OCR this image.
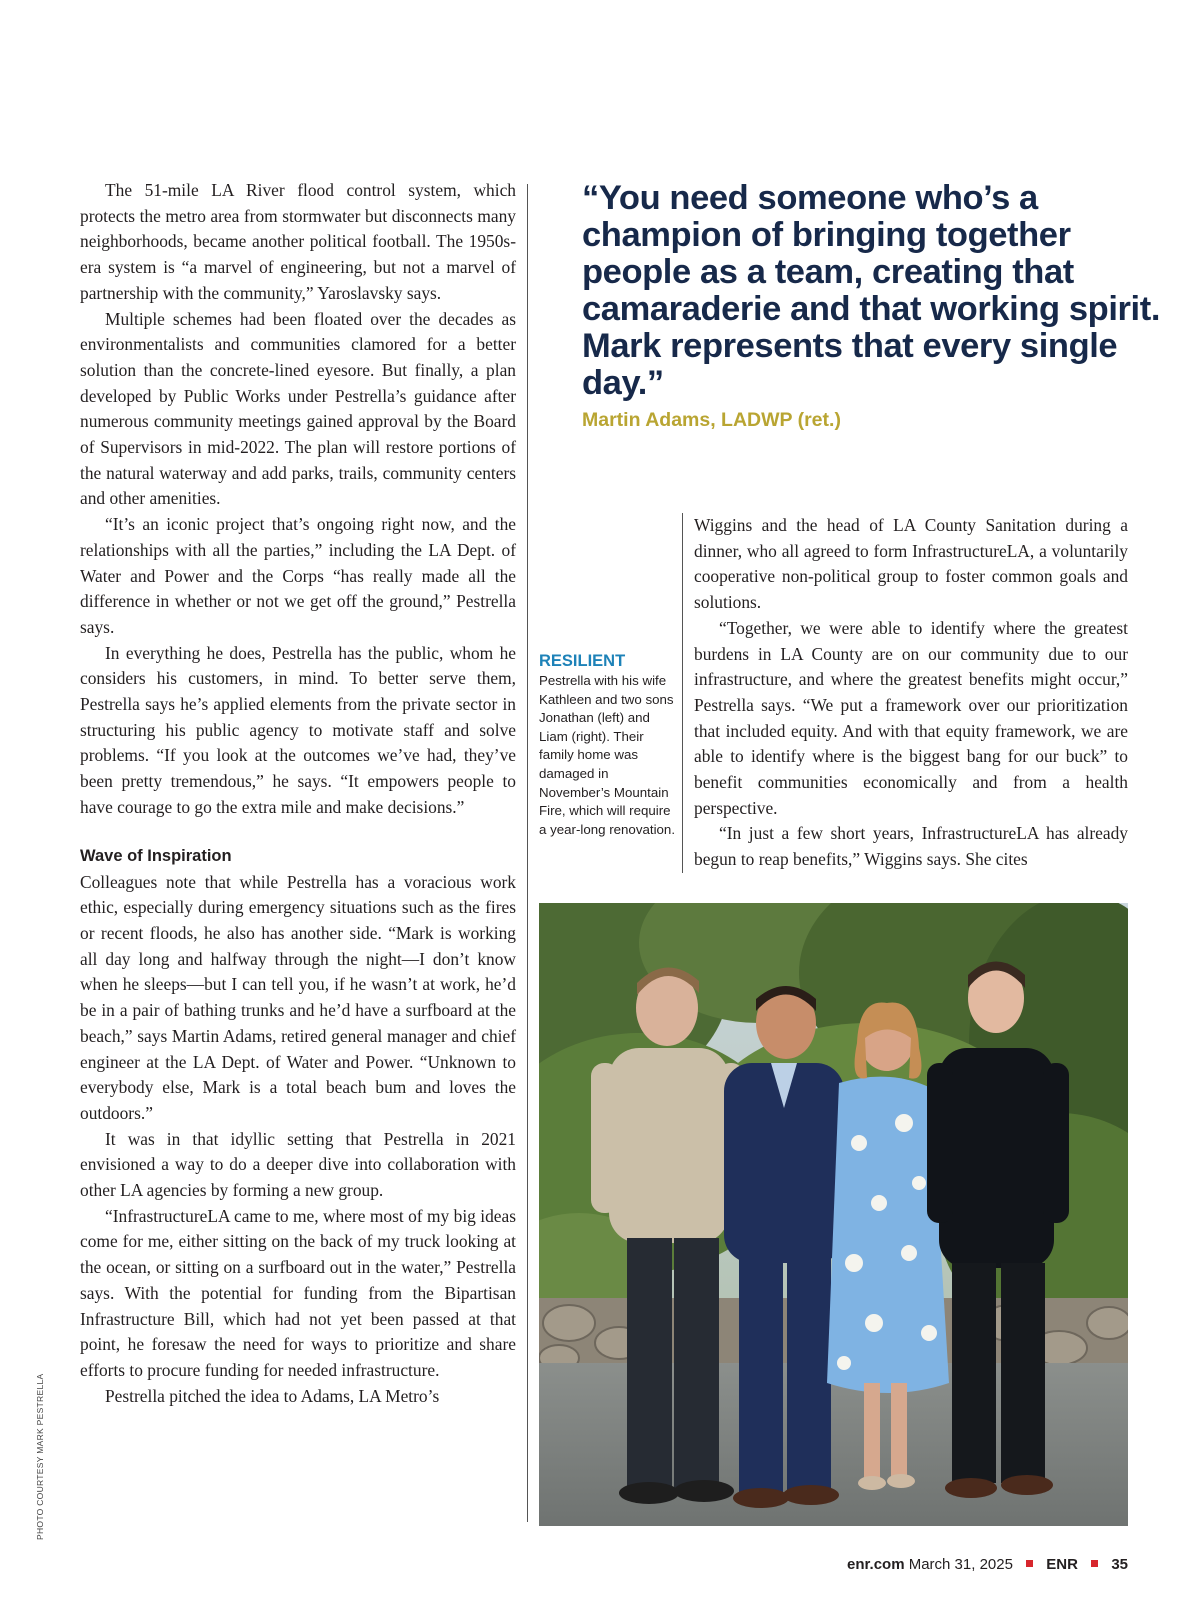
The 51-mile LA River flood control system, which protects the metro area from stormwater but disconnects many neighborhoods, became another political football. The 1950s-era system is “a marvel of engineering, but not a marvel of partnership with the community,” Yaroslavsky says.

Multiple schemes had been floated over the decades as environmentalists and communities clamored for a better solution than the concrete-lined eyesore. But finally, a plan developed by Public Works under Pestrella’s guidance after numerous community meetings gained approval by the Board of Supervisors in mid-2022. The plan will restore portions of the natural waterway and add parks, trails, community centers and other amenities.

“It’s an iconic project that’s ongoing right now, and the relationships with all the parties,” including the LA Dept. of Water and Power and the Corps “has really made all the difference in whether or not we get off the ground,” Pestrella says.

In everything he does, Pestrella has the public, whom he considers his customers, in mind. To better serve them, Pestrella says he’s applied elements from the private sector in structuring his public agency to motivate staff and solve problems. “If you look at the outcomes we’ve had, they’ve been pretty tremendous,” he says. “It empowers people to have courage to go the extra mile and make decisions.”

Wave of Inspiration

Colleagues note that while Pestrella has a voracious work ethic, especially during emergency situations such as the fires or recent floods, he also has another side. “Mark is working all day long and halfway through the night—I don’t know when he sleeps—but I can tell you, if he wasn’t at work, he’d be in a pair of bathing trunks and he’d have a surfboard at the beach,” says Martin Adams, retired general manager and chief engineer at the LA Dept. of Water and Power. “Unknown to everybody else, Mark is a total beach bum and loves the outdoors.”

It was in that idyllic setting that Pestrella in 2021 envisioned a way to do a deeper dive into collaboration with other LA agencies by forming a new group.

“InfrastructureLA came to me, where most of my big ideas come for me, either sitting on the back of my truck looking at the ocean, or sitting on a surfboard out in the water,” Pestrella says. With the potential for funding from the Bipartisan Infrastructure Bill, which had not yet been passed at that point, he foresaw the need for ways to prioritize and share efforts to procure funding for needed infrastructure.

Pestrella pitched the idea to Adams, LA Metro’s

“You need someone who’s a champion of bringing together people as a team, creating that camaraderie and that working spirit. Mark represents that every single day.”
Martin Adams, LADWP (ret.)
RESILIENT
Pestrella with his wife Kathleen and two sons Jonathan (left) and Liam (right). Their family home was damaged in November’s Mountain Fire, which will require a year-long renovation.

Wiggins and the head of LA County Sanitation during a dinner, who all agreed to form InfrastructureLA, a voluntarily cooperative non-political group to foster common goals and solutions.

“Together, we were able to identify where the greatest burdens in LA County are on our community due to our infrastructure, and where the greatest benefits might occur,” Pestrella says. “We put a framework over our prioritization that included equity. And with that equity framework, we are able to identify where is the biggest bang for our buck” to benefit communities economically and from a health perspective.

“In just a few short years, InfrastructureLA has already begun to reap benefits,” Wiggins says. She cites

PHOTO COURTESY MARK PESTRELLA
enr.com March 31, 2025 ENR 35
